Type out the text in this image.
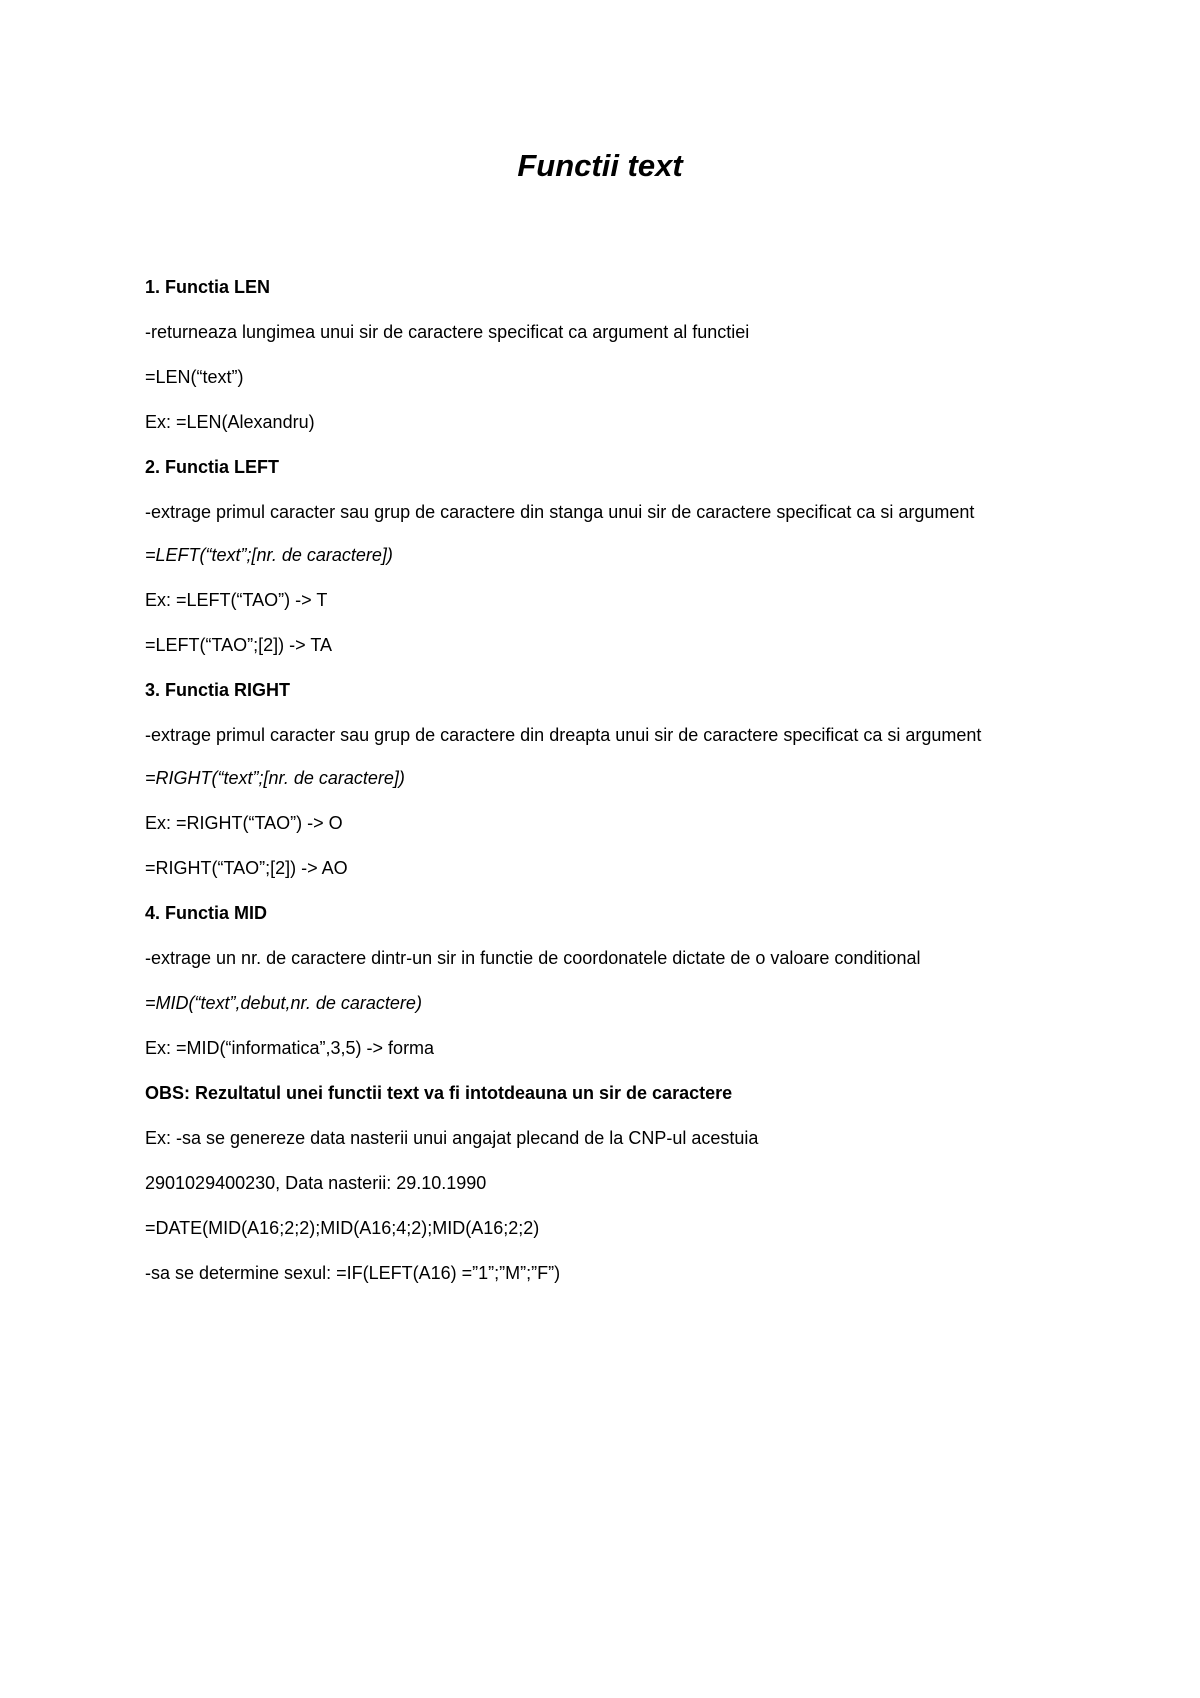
Functii text
1. Functia LEN
-returneaza lungimea unui sir de caractere specificat ca argument al functiei
=LEN(“text”)
Ex: =LEN(Alexandru)
2. Functia LEFT
-extrage primul caracter sau grup de caractere din stanga unui sir de caractere specificat ca si argument
=LEFT(“text”;[nr. de caractere])
Ex: =LEFT(“TAO”) -> T
=LEFT(“TAO”;[2]) -> TA
3. Functia RIGHT
-extrage primul caracter sau grup de caractere din dreapta unui sir de caractere specificat ca si argument
=RIGHT(“text”;[nr. de caractere])
Ex: =RIGHT(“TAO”) -> O
=RIGHT(“TAO”;[2]) -> AO
4. Functia MID
-extrage un nr. de caractere dintr-un sir in functie de coordonatele dictate de o valoare conditional
=MID(“text”,debut,nr. de caractere)
Ex: =MID(“informatica”,3,5) -> forma
OBS: Rezultatul unei functii text va fi intotdeauna un sir de caractere
Ex: -sa se genereze data nasterii unui angajat plecand de la CNP-ul acestuia
2901029400230, Data nasterii: 29.10.1990
=DATE(MID(A16;2;2);MID(A16;4;2);MID(A16;2;2)
-sa se determine sexul: =IF(LEFT(A16) =”1”;”M”;”F”)
